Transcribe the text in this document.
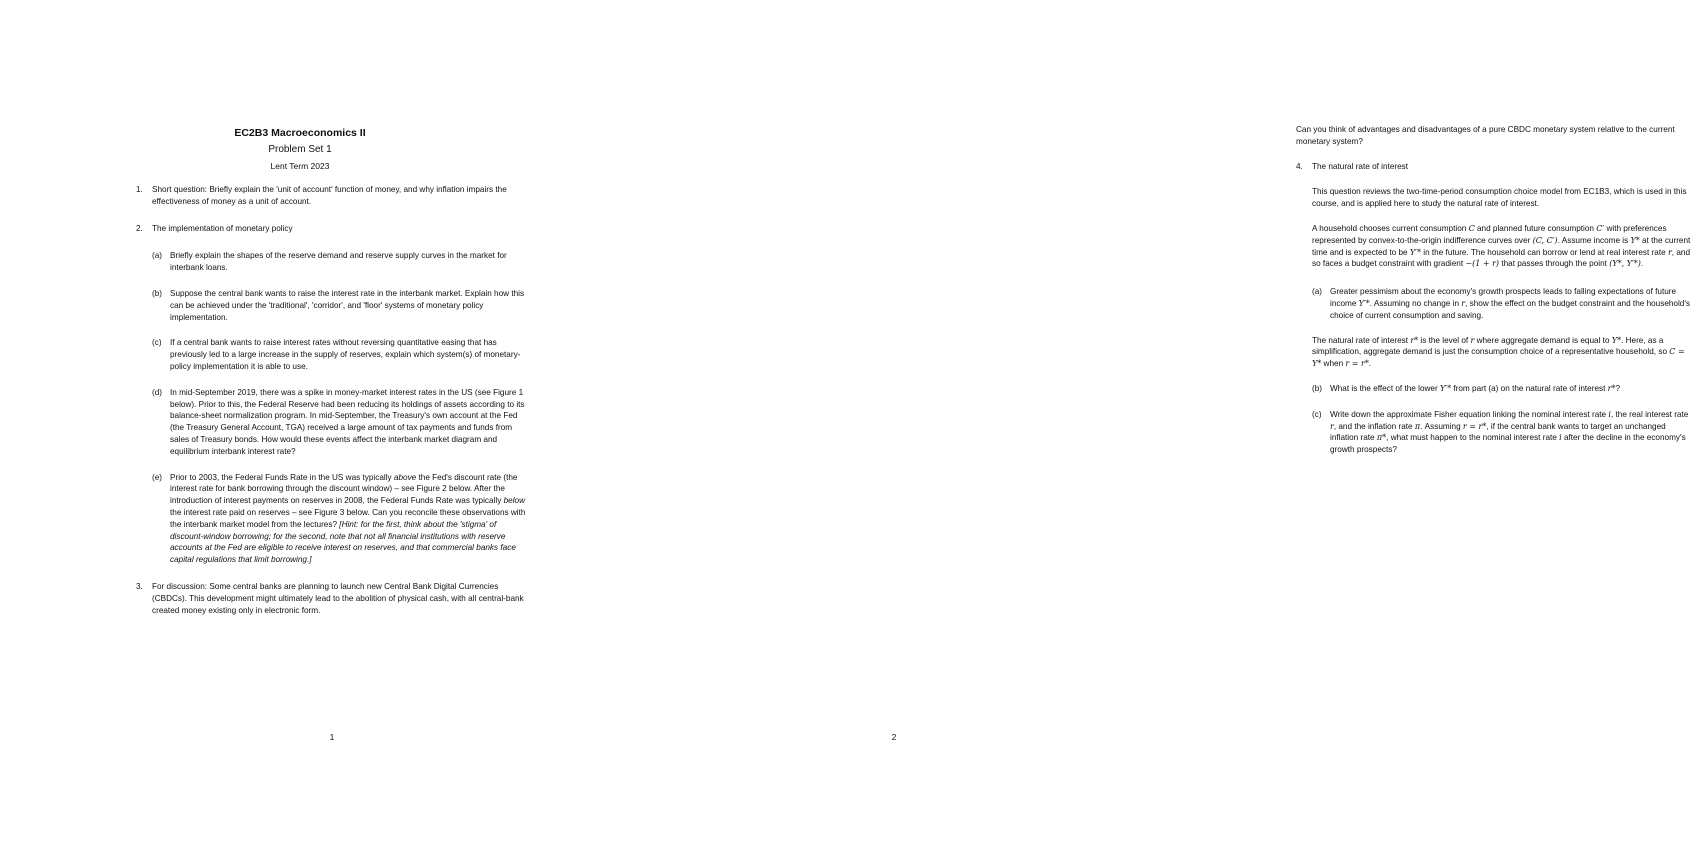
EC2B3 Macroeconomics II

Problem Set 1

Lent Term 2023

1. Short question: Briefly explain the 'unit of account' function of money, and why inflation impairs the effectiveness of money as a unit of account.
2. The implementation of monetary policy
(a) Briefly explain the shapes of the reserve demand and reserve supply curves in the market for interbank loans.
(b) Suppose the central bank wants to raise the interest rate in the interbank market. Explain how this can be achieved under the 'traditional', 'corridor', and 'floor' systems of monetary policy implementation.
(c) If a central bank wants to raise interest rates without reversing quantitative easing that has previously led to a large increase in the supply of reserves, explain which system(s) of monetary-policy implementation it is able to use.
(d) In mid-September 2019, there was a spike in money-market interest rates in the US (see Figure 1 below). Prior to this, the Federal Reserve had been reducing its holdings of assets according to its balance-sheet normalization program. In mid-September, the Treasury's own account at the Fed (the Treasury General Account, TGA) received a large amount of tax payments and funds from sales of Treasury bonds. How would these events affect the interbank market diagram and equilibrium interbank interest rate?
(e) Prior to 2003, the Federal Funds Rate in the US was typically above the Fed's discount rate (the interest rate for bank borrowing through the discount window) – see Figure 2 below. After the introduction of interest payments on reserves in 2008, the Federal Funds Rate was typically below the interest rate paid on reserves – see Figure 3 below. Can you reconcile these observations with the interbank market model from the lectures? [Hint: for the first, think about the 'stigma' of discount-window borrowing; for the second, note that not all financial institutions with reserve accounts at the Fed are eligible to receive interest on reserves, and that commercial banks face capital regulations that limit borrowing.]
3. For discussion: Some central banks are planning to launch new Central Bank Digital Currencies (CBDCs). This development might ultimately lead to the abolition of physical cash, with all central-bank created money existing only in electronic form.
1

Can you think of advantages and disadvantages of a pure CBDC monetary system relative to the current monetary system?

4. The natural rate of interest

This question reviews the two-time-period consumption choice model from EC1B3, which is used in this course, and is applied here to study the natural rate of interest.

A household chooses current consumption C and planned future consumption C′ with preferences represented by convex-to-the-origin indifference curves over (C, C′). Assume income is Y* at the current time and is expected to be Y′* in the future. The household can borrow or lend at real interest rate r, and so faces a budget constraint with gradient −(1 + r) that passes through the point (Y*, Y′*).

(a) Greater pessimism about the economy's growth prospects leads to falling expectations of future income Y′*. Assuming no change in r, show the effect on the budget constraint and the household's choice of current consumption and saving.

The natural rate of interest r* is the level of r where aggregate demand is equal to Y*. Here, as a simplification, aggregate demand is just the consumption choice of a representative household, so C = Y* when r = r*.

(b) What is the effect of the lower Y′* from part (a) on the natural rate of interest r*?
(c) Write down the approximate Fisher equation linking the nominal interest rate i, the real interest rate r, and the inflation rate π. Assuming r = r*, if the central bank wants to target an unchanged inflation rate π*, what must happen to the nominal interest rate i after the decline in the economy's growth prospects?
2
